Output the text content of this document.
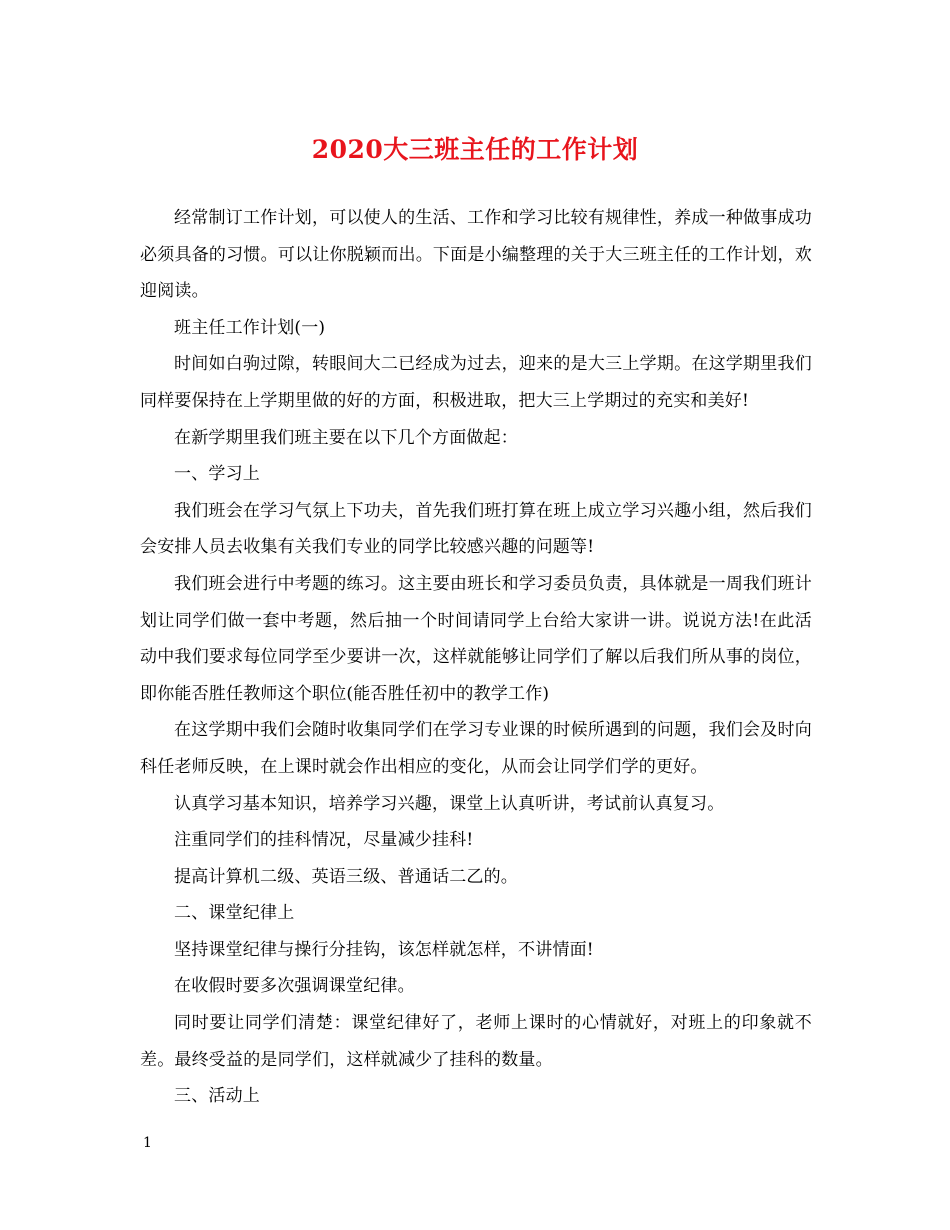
2020大三班主任的工作计划

经常制订工作计划，可以使人的生活、工作和学习比较有规律性，养成一种做事成功必须具备的习惯。可以让你脱颖而出。下面是小编整理的关于大三班主任的工作计划，欢迎阅读。

班主任工作计划(一)

时间如白驹过隙，转眼间大二已经成为过去，迎来的是大三上学期。在这学期里我们同样要保持在上学期里做的好的方面，积极进取，把大三上学期过的充实和美好!

在新学期里我们班主要在以下几个方面做起：

一、学习上

我们班会在学习气氛上下功夫，首先我们班打算在班上成立学习兴趣小组，然后我们会安排人员去收集有关我们专业的同学比较感兴趣的问题等!

我们班会进行中考题的练习。这主要由班长和学习委员负责，具体就是一周我们班计划让同学们做一套中考题，然后抽一个时间请同学上台给大家讲一讲。说说方法!在此活动中我们要求每位同学至少要讲一次，这样就能够让同学们了解以后我们所从事的岗位，即你能否胜任教师这个职位(能否胜任初中的教学工作)

在这学期中我们会随时收集同学们在学习专业课的时候所遇到的问题，我们会及时向科任老师反映，在上课时就会作出相应的变化，从而会让同学们学的更好。

认真学习基本知识，培养学习兴趣，课堂上认真听讲，考试前认真复习。

注重同学们的挂科情况，尽量减少挂科!

提高计算机二级、英语三级、普通话二乙的。

二、课堂纪律上

坚持课堂纪律与操行分挂钩，该怎样就怎样，不讲情面!

在收假时要多次强调课堂纪律。

同时要让同学们清楚：课堂纪律好了，老师上课时的心情就好，对班上的印象就不差。最终受益的是同学们，这样就减少了挂科的数量。

三、活动上

1
